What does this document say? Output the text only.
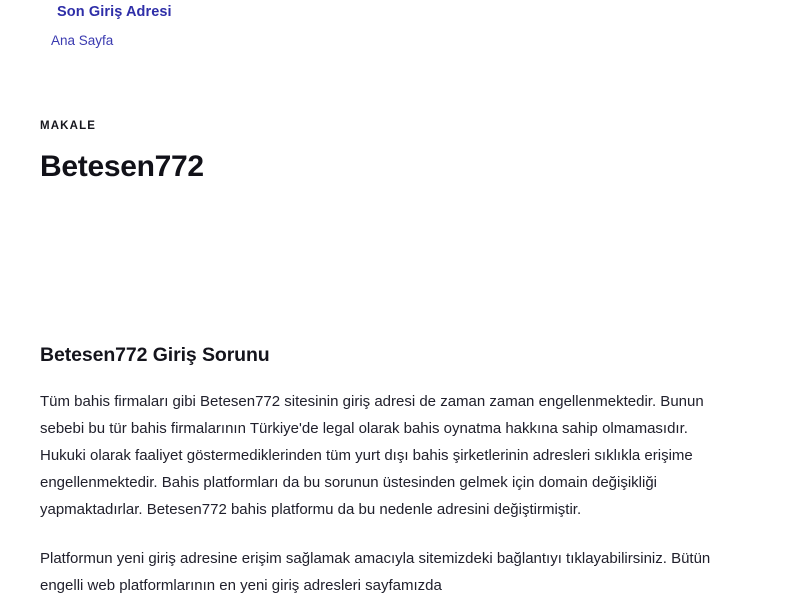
Son Giriş Adresi
Ana Sayfa
MAKALE
Betesen772
Betesen772 Giriş Sorunu

Tüm bahis firmaları gibi Betesen772 sitesinin giriş adresi de zaman zaman engellenmektedir. Bunun sebebi bu tür bahis firmalarının Türkiye'de legal olarak bahis oynatma hakkına sahip olmamasıdır. Hukuki olarak faaliyet göstermediklerinden tüm yurt dışı bahis şirketlerinin adresleri sıklıkla erişime engellenmektedir. Bahis platformları da bu sorunun üstesinden gelmek için domain değişikliği yapmaktadırlar. Betesen772 bahis platformu da bu nedenle adresini değiştirmiştir.

Platformun yeni giriş adresine erişim sağlamak amacıyla sitemizdeki bağlantıyı tıklayabilirsiniz. Bütün engelli web platformlarının en yeni giriş adresleri sayfamızda
